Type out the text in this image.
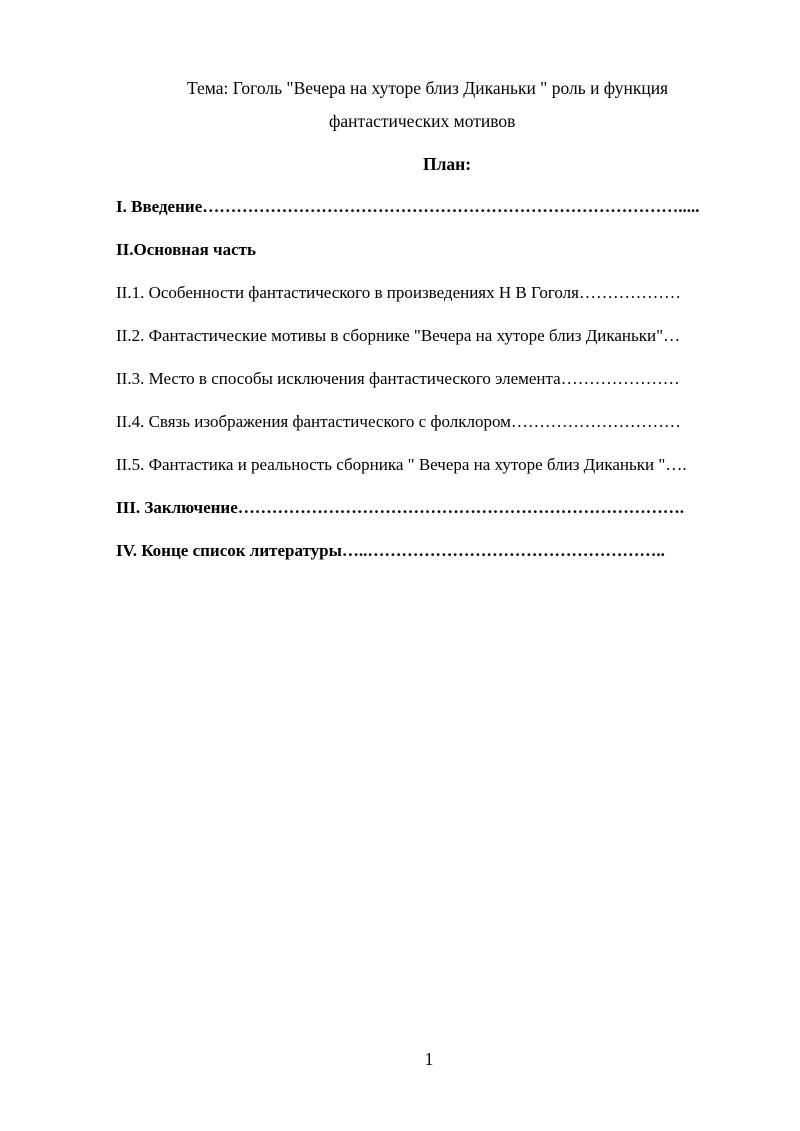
Тема: Гоголь "Вечера на хуторе близ Диканьки " роль и функция
фантастических мотивов
План:
I. Введение………………………………………………………………………….....
II.Основная часть
II.1. Особенности фантастического в произведениях Н В Гоголя………………
II.2. Фантастические мотивы в сборнике "Вечера на хуторе близ Диканьки"…
II.3. Место в способы исключения фантастического элемента…………………
II.4. Связь изображения фантастического с фолклором…………………………
II.5. Фантастика и реальность сборника " Вечера на хуторе близ Диканьки "….
III. Заключение…………………………………………………………………….
IV. Конце список литературы…..……………………………………………..
1
